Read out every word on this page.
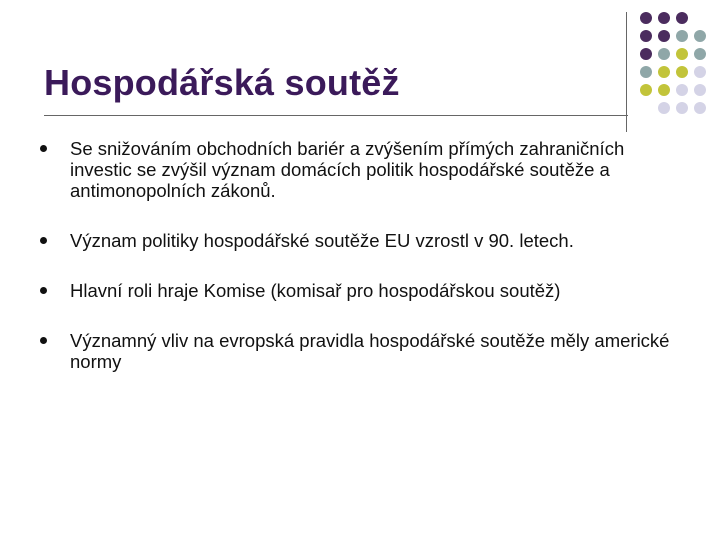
Hospodářská soutěž
Se snižováním obchodních bariér a zvýšením přímých zahraničních investic se zvýšil význam domácích politik hospodářské soutěže a antimonopolních zákonů.
Význam politiky hospodářské soutěže EU vzrostl v 90. letech.
Hlavní roli hraje Komise (komisař pro hospodářskou soutěž)
Významný vliv na evropská pravidla hospodářské soutěže měly americké normy
